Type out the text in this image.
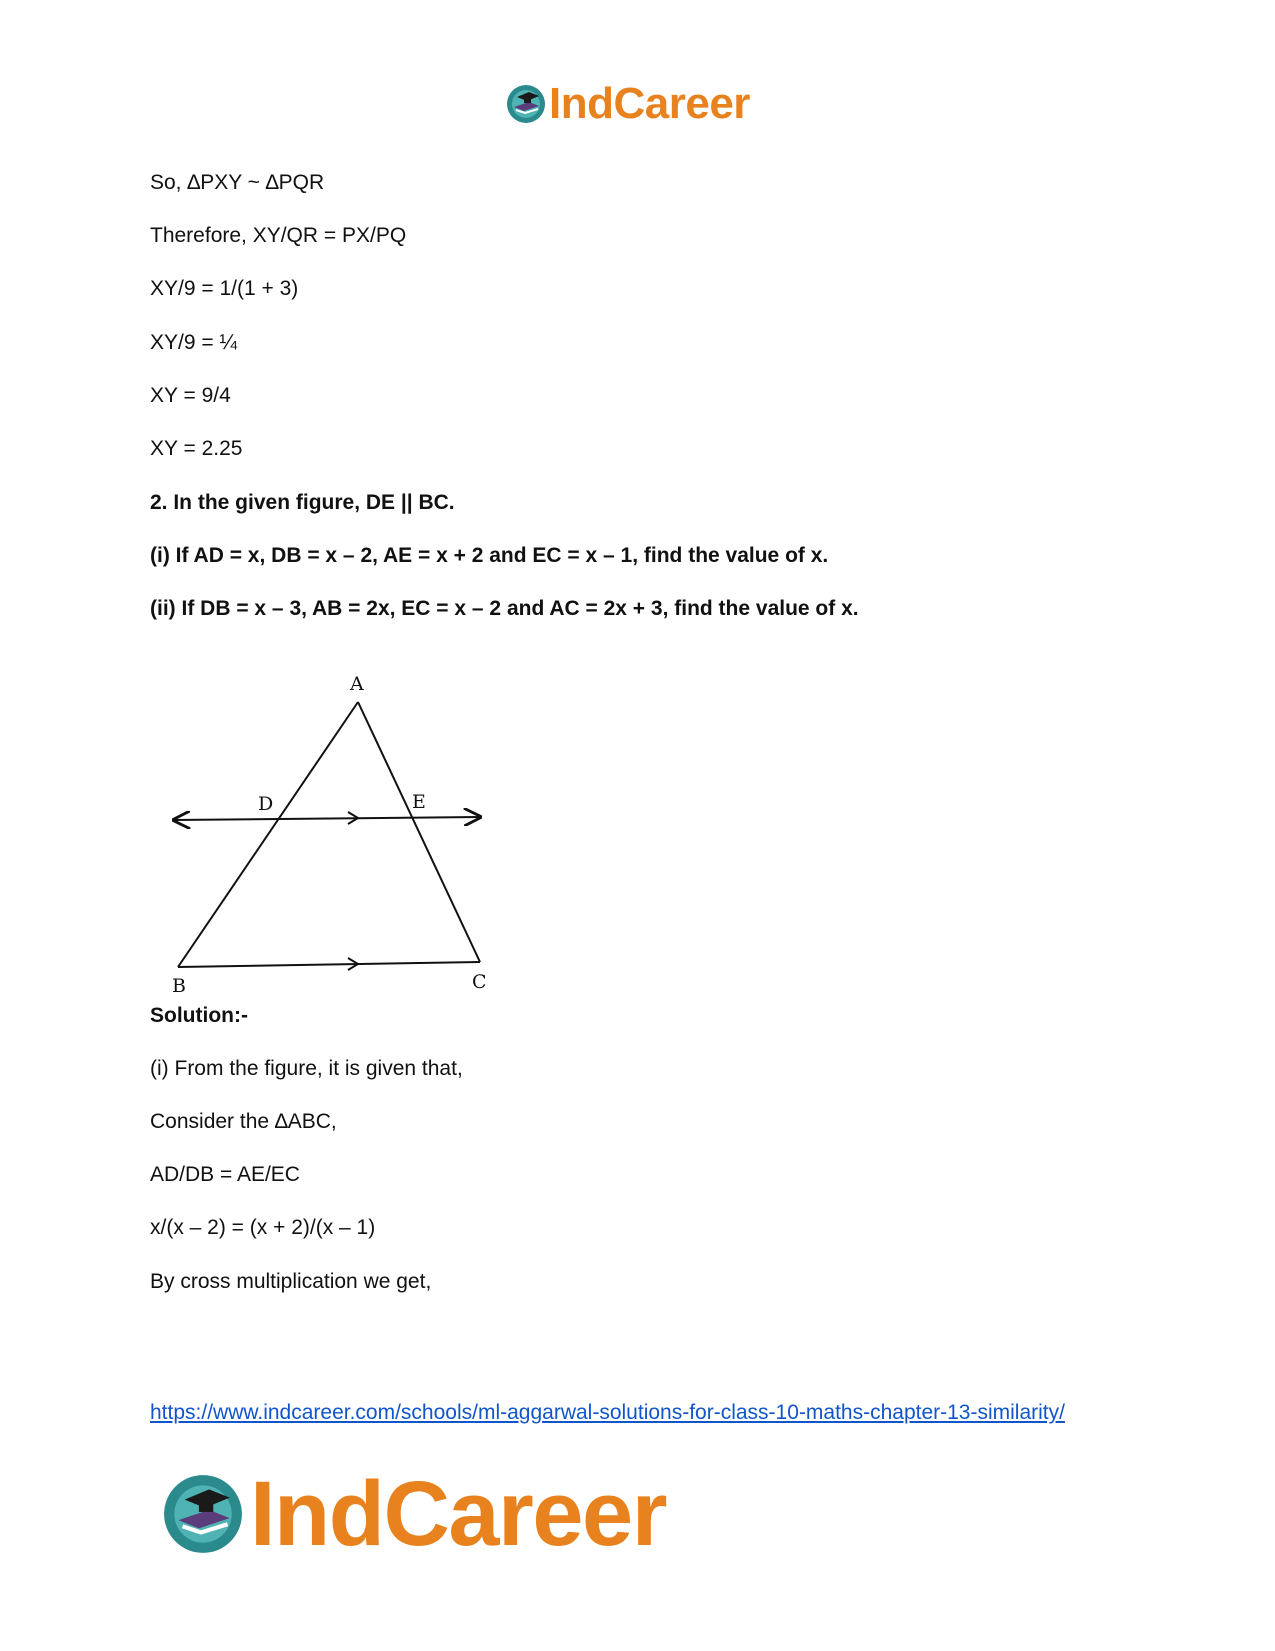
IndCareer
So, ∆PXY ~ ∆PQR
Therefore, XY/QR = PX/PQ
XY/9 = 1/(1 + 3)
XY/9 = ¼
XY = 9/4
XY = 2.25
2. In the given figure, DE || BC.
(i) If AD = x, DB = x – 2, AE = x + 2 and EC = x – 1, find the value of x.
(ii) If DB = x – 3, AB = 2x, EC = x – 2 and AC = 2x + 3, find the value of x.
A
D	E
B	C
Solution:-
(i) From the figure, it is given that,
Consider the ∆ABC,
AD/DB = AE/EC
x/(x – 2) = (x + 2)/(x – 1)
By cross multiplication we get,
https://www.indcareer.com/schools/ml-aggarwal-solutions-for-class-10-maths-chapter-13-similarity/
IndCareer
